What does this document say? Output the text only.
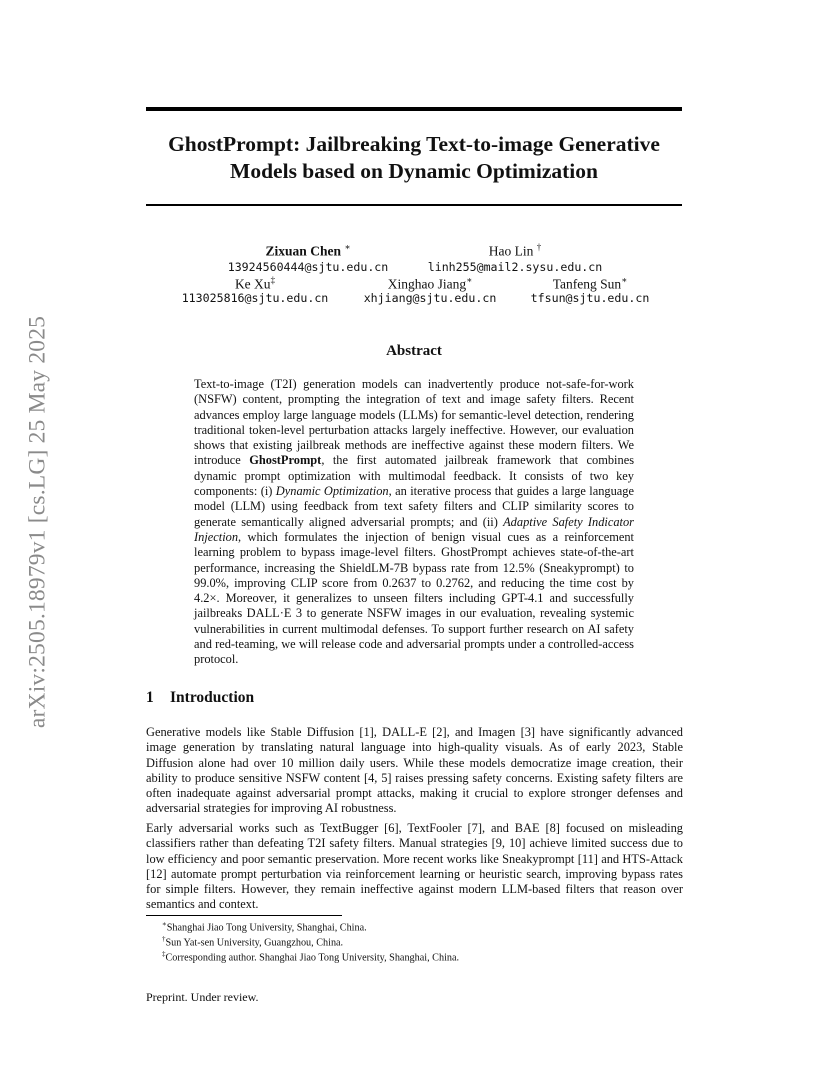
arXiv:2505.18979v1 [cs.LG] 25 May 2025
GhostPrompt: Jailbreaking Text-to-image Generative
Models based on Dynamic Optimization
Zixuan Chen ∗
13924560444@sjtu.edu.cn
Hao Lin †
linh255@mail2.sysu.edu.cn
Ke Xu‡
113025816@sjtu.edu.cn
Xinghao Jiang∗
xhjiang@sjtu.edu.cn
Tanfeng Sun∗
tfsun@sjtu.edu.cn
Abstract

Text-to-image (T2I) generation models can inadvertently produce not-safe-for-work (NSFW) content, prompting the integration of text and image safety filters. Recent advances employ large language models (LLMs) for semantic-level detection, rendering traditional token-level perturbation attacks largely ineffective. However, our evaluation shows that existing jailbreak methods are ineffective against these modern filters. We introduce GhostPrompt, the first automated jailbreak framework that combines dynamic prompt optimization with multimodal feedback. It consists of two key components: (i) Dynamic Optimization, an iterative process that guides a large language model (LLM) using feedback from text safety filters and CLIP similarity scores to generate semantically aligned adversarial prompts; and (ii) Adaptive Safety Indicator Injection, which formulates the injection of benign visual cues as a reinforcement learning problem to bypass image-level filters. GhostPrompt achieves state-of-the-art performance, increasing the ShieldLM-7B bypass rate from 12.5% (Sneakyprompt) to 99.0%, improving CLIP score from 0.2637 to 0.2762, and reducing the time cost by 4.2×. Moreover, it generalizes to unseen filters including GPT-4.1 and successfully jailbreaks DALL·E 3 to generate NSFW images in our evaluation, revealing systemic vulnerabilities in current multimodal defenses. To support further research on AI safety and red-teaming, we will release code and adversarial prompts under a controlled-access protocol.

1 Introduction

Generative models like Stable Diffusion [1], DALL-E [2], and Imagen [3] have significantly advanced image generation by translating natural language into high-quality visuals. As of early 2023, Stable Diffusion alone had over 10 million daily users. While these models democratize image creation, their ability to produce sensitive NSFW content [4, 5] raises pressing safety concerns. Existing safety filters are often inadequate against adversarial prompt attacks, making it crucial to explore stronger defenses and adversarial strategies for improving AI robustness.

Early adversarial works such as TextBugger [6], TextFooler [7], and BAE [8] focused on misleading classifiers rather than defeating T2I safety filters. Manual strategies [9, 10] achieve limited success due to low efficiency and poor semantic preservation. More recent works like Sneakyprompt [11] and HTS-Attack [12] automate prompt perturbation via reinforcement learning or heuristic search, improving bypass rates for simple filters. However, they remain ineffective against modern LLM-based filters that reason over semantics and context.

∗Shanghai Jiao Tong University, Shanghai, China.
†Sun Yat-sen University, Guangzhou, China.
‡Corresponding author. Shanghai Jiao Tong University, Shanghai, China.
Preprint. Under review.
